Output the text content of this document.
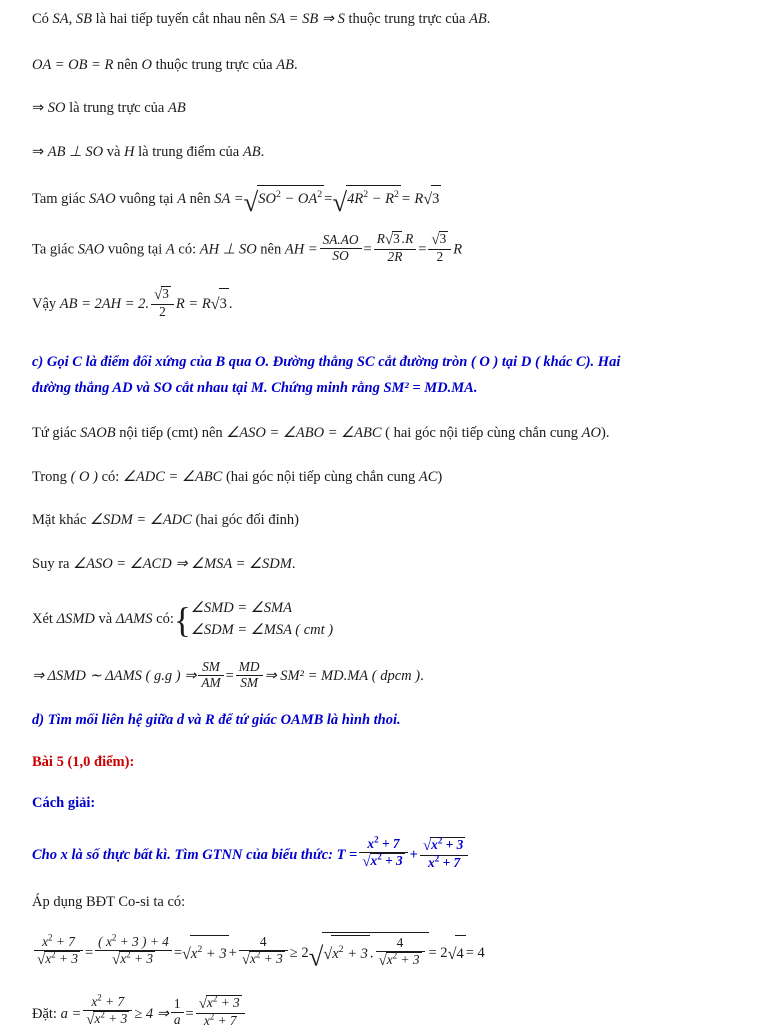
Có SA, SB là hai tiếp tuyến cắt nhau nên SA = SB ⇒ S thuộc trung trực của AB.
OA = OB = R nên O thuộc trung trực của AB.
⇒ SO là trung trực của AB
⇒ AB ⊥ SO và H là trung điểm của AB.
Tam giác SAO vuông tại A nên SA $=√SO^2 - OA^2 =√4R^2 - R^2 = R√3$
Ta giác SAO vuông tại A có: AH ⊥ SO nên AH = $\frac{SA.AO}{SO} = \frac{R√3 .R}{2R} = \frac{√3}{2}$ R
Vậy AB = 2AH = 2. $\frac{√3}{2}$ R = R√3 .
c) Gọi C là điểm đối xứng của B qua O. Đường thẳng SC cắt đường tròn ( O ) tại D ( khác C). Hai
đường thẳng AD và SO cắt nhau tại M. Chứng minh rằng SM² = MD.MA.
Tứ giác SAOB nội tiếp (cmt) nên ∠ASO = ∠ABO = ∠ABC ( hai góc nội tiếp cùng chắn cung AO).
Trong ( O ) có: ∠ADC = ∠ABC (hai góc nội tiếp cùng chắn cung AC)
Mặt khác ∠SDM = ∠ADC (hai góc đối đỉnh)
Suy ra ∠ASO = ∠ACD ⇒ ∠MSA = ∠SDM.
Xét ΔSMD và ΔAMS có:{ ∠SMD = ∠SMA
∠SDM = ∠MSA ( cmt )
⇒ ΔSMD ∼ ΔAMS ( g.g ) ⇒ $\frac{SM}{AM} = \frac{MD}{SM}$ ⇒ SM² = MD.MA ( dpcm ).
d) Tìm mối liên hệ giữa d và R để tứ giác OAMB là hình thoi.
Bài 5 (1,0 điểm):
Cách giải:
Cho x là số thực bất kì. Tìm GTNN của biểu thức: $T = \frac{x^2 + 7}{√x^2 + 3} + \frac{√x^2 + 3}{x^2 + 7}$
Áp dụng BĐT Co-si ta có:
$\frac{x^2 + 7}{√x^2 + 3} = \frac{( x^2 + 3 ) + 4}{√x^2 + 3} =√x^2 + 3 + \frac{4}{√x^2 + 3} \ge 2√√x^2 + 3$ . $\frac{4}{√x^2 + 3} = 2√4 = 4$
Đặt: $a = \frac{x^2 + 7}{√x^2 + 3} \ge 4$ ⇒ $\frac{1}{a} = \frac{√x^2 + 3}{x^2 + 7}$
